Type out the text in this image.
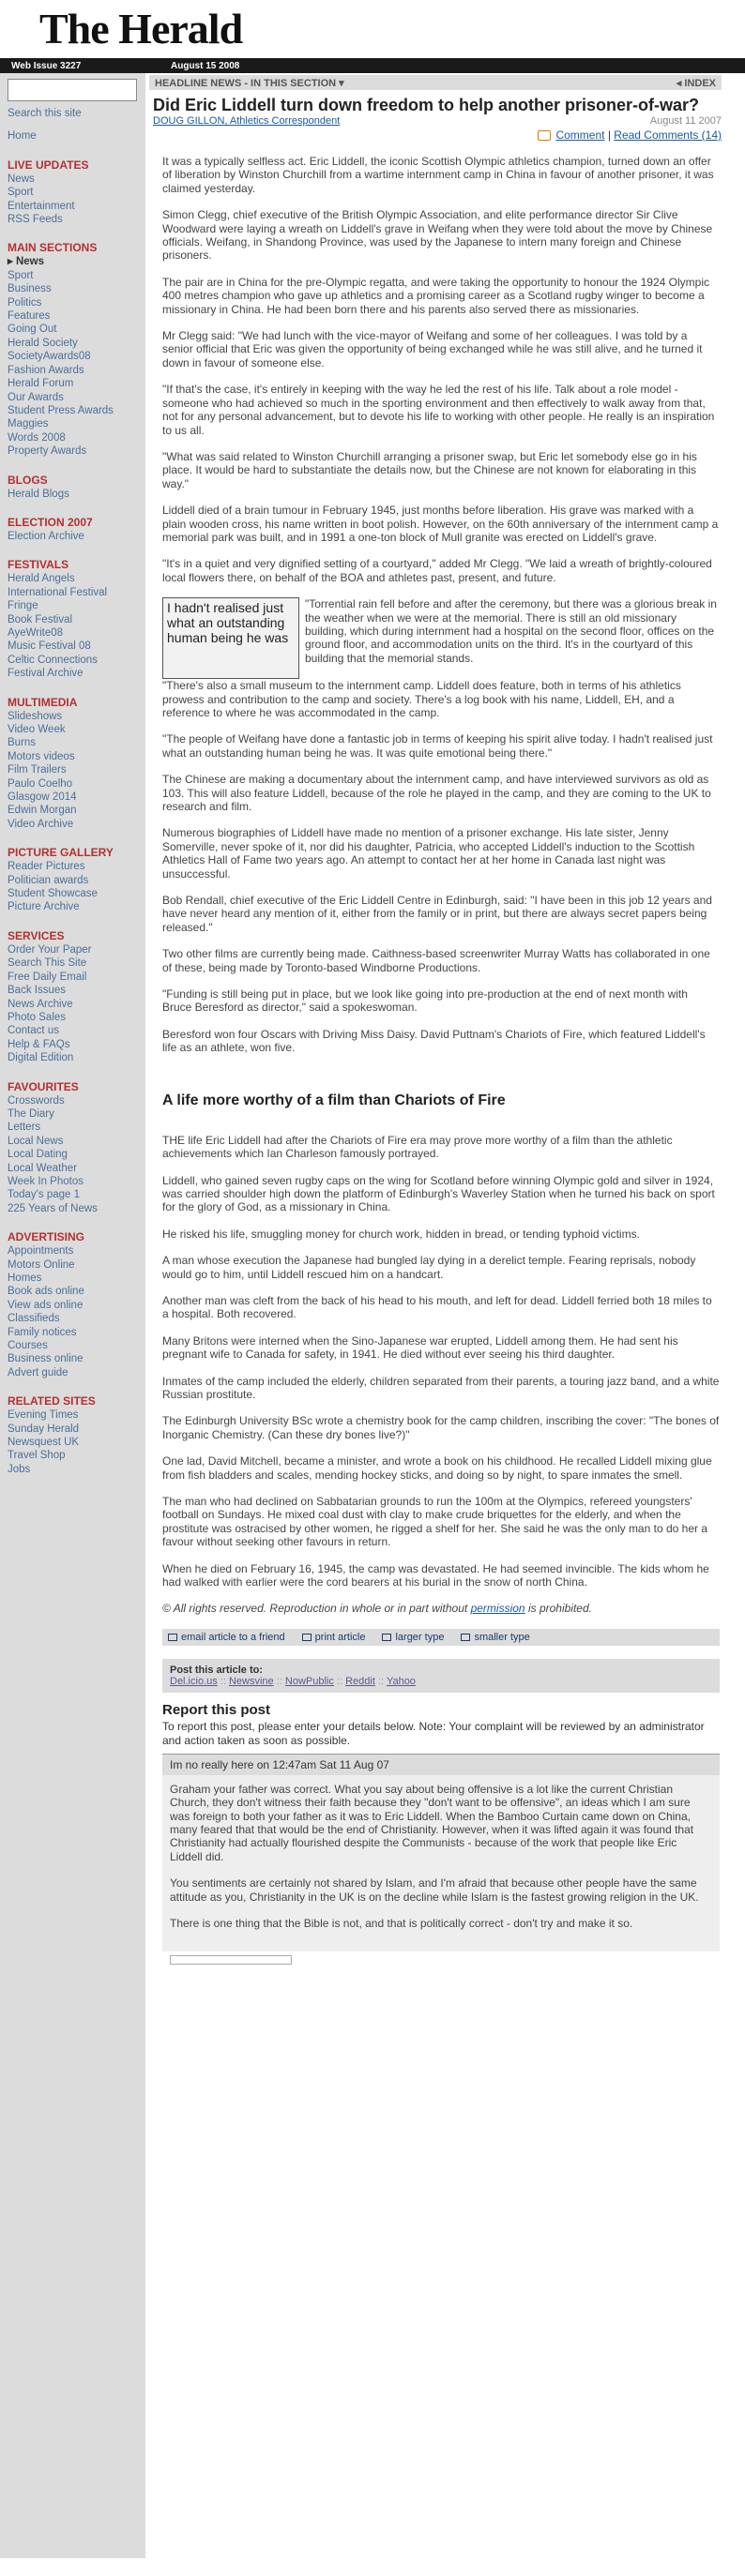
The Herald
Web Issue 3227	August 15 2008
Search this site
Home
LIVE UPDATES
News
Sport
Entertainment
RSS Feeds
MAIN SECTIONS
▸ News
Sport
Business
Politics
Features
Going Out
Herald Society
SocietyAwards08
Fashion Awards
Herald Forum
Our Awards
Student Press Awards
Maggies
Words 2008
Property Awards
BLOGS
Herald Blogs
ELECTION 2007
Election Archive
FESTIVALS
Herald Angels
International Festival
Fringe
Book Festival
AyeWrite08
Music Festival 08
Celtic Connections
Festival Archive
MULTIMEDIA
Slideshows
Video Week
Burns
Motors videos
Film Trailers
Paulo Coelho
Glasgow 2014
Edwin Morgan
Video Archive
PICTURE GALLERY
Reader Pictures
Politician awards
Student Showcase
Picture Archive
SERVICES
Order Your Paper
Search This Site
Free Daily Email
Back Issues
News Archive
Photo Sales
Contact us
Help & FAQs
Digital Edition
FAVOURITES
Crosswords
The Diary
Letters
Local News
Local Dating
Local Weather
Week In Photos
Today's page 1
225 Years of News
ADVERTISING
Appointments
Motors Online
Homes
Book ads online
View ads online
Classifieds
Family notices
Courses
Business online
Advert guide
RELATED SITES
Evening Times
Sunday Herald
Newsquest UK
Travel Shop
Jobs
HEADLINE NEWS - IN THIS SECTION ▾	◂ INDEX
Did Eric Liddell turn down freedom to help another prisoner-of-war?
DOUG GILLON, Athletics Correspondent	August 11 2007
Comment | Read Comments (14)

It was a typically selfless act. Eric Liddell, the iconic Scottish Olympic athletics champion, turned down an offer of liberation by Winston Churchill from a wartime internment camp in China in favour of another prisoner, it was claimed yesterday.

Simon Clegg, chief executive of the British Olympic Association, and elite performance director Sir Clive Woodward were laying a wreath on Liddell's grave in Weifang when they were told about the move by Chinese officials. Weifang, in Shandong Province, was used by the Japanese to intern many foreign and Chinese prisoners.

The pair are in China for the pre-Olympic regatta, and were taking the opportunity to honour the 1924 Olympic 400 metres champion who gave up athletics and a promising career as a Scotland rugby winger to become a missionary in China. He had been born there and his parents also served there as missionaries.

Mr Clegg said: "We had lunch with the vice-mayor of Weifang and some of her colleagues. I was told by a senior official that Eric was given the opportunity of being exchanged while he was still alive, and he turned it down in favour of someone else.

"If that's the case, it's entirely in keeping with the way he led the rest of his life. Talk about a role model - someone who had achieved so much in the sporting environment and then effectively to walk away from that, not for any personal advancement, but to devote his life to working with other people. He really is an inspiration to us all.

"What was said related to Winston Churchill arranging a prisoner swap, but Eric let somebody else go in his place. It would be hard to substantiate the details now, but the Chinese are not known for elaborating in this way."

Liddell died of a brain tumour in February 1945, just months before liberation. His grave was marked with a plain wooden cross, his name written in boot polish. However, on the 60th anniversary of the internment camp a memorial park was built, and in 1991 a one-ton block of Mull granite was erected on Liddell's grave.

"It's in a quiet and very dignified setting of a courtyard," added Mr Clegg. "We laid a wreath of brightly-coloured local flowers there, on behalf of the BOA and athletes past, present, and future.

I hadn't realised just what an outstanding human being he was

"Torrential rain fell before and after the ceremony, but there was a glorious break in the weather when we were at the memorial. There is still an old missionary building, which during internment had a hospital on the second floor, offices on the ground floor, and accommodation units on the third. It's in the courtyard of this building that the memorial stands.

"There's also a small museum to the internment camp. Liddell does feature, both in terms of his athletics prowess and contribution to the camp and society. There's a log book with his name, Liddell, EH, and a reference to where he was accommodated in the camp.

"The people of Weifang have done a fantastic job in terms of keeping his spirit alive today. I hadn't realised just what an outstanding human being he was. It was quite emotional being there."

The Chinese are making a documentary about the internment camp, and have interviewed survivors as old as 103. This will also feature Liddell, because of the role he played in the camp, and they are coming to the UK to research and film.

Numerous biographies of Liddell have made no mention of a prisoner exchange. His late sister, Jenny Somerville, never spoke of it, nor did his daughter, Patricia, who accepted Liddell's induction to the Scottish Athletics Hall of Fame two years ago. An attempt to contact her at her home in Canada last night was unsuccessful.

Bob Rendall, chief executive of the Eric Liddell Centre in Edinburgh, said: "I have been in this job 12 years and have never heard any mention of it, either from the family or in print, but there are always secret papers being released."

Two other films are currently being made. Caithness-based screenwriter Murray Watts has collaborated in one of these, being made by Toronto-based Windborne Productions.

"Funding is still being put in place, but we look like going into pre-production at the end of next month with Bruce Beresford as director," said a spokeswoman.

Beresford won four Oscars with Driving Miss Daisy. David Puttnam's Chariots of Fire, which featured Liddell's life as an athlete, won five.

A life more worthy of a film than Chariots of Fire

THE life Eric Liddell had after the Chariots of Fire era may prove more worthy of a film than the athletic achievements which Ian Charleson famously portrayed.

Liddell, who gained seven rugby caps on the wing for Scotland before winning Olympic gold and silver in 1924, was carried shoulder high down the platform of Edinburgh's Waverley Station when he turned his back on sport for the glory of God, as a missionary in China.

He risked his life, smuggling money for church work, hidden in bread, or tending typhoid victims.

A man whose execution the Japanese had bungled lay dying in a derelict temple. Fearing reprisals, nobody would go to him, until Liddell rescued him on a handcart.

Another man was cleft from the back of his head to his mouth, and left for dead. Liddell ferried both 18 miles to a hospital. Both recovered.

Many Britons were interned when the Sino-Japanese war erupted, Liddell among them. He had sent his pregnant wife to Canada for safety, in 1941. He died without ever seeing his third daughter.

Inmates of the camp included the elderly, children separated from their parents, a touring jazz band, and a white Russian prostitute.

The Edinburgh University BSc wrote a chemistry book for the camp children, inscribing the cover: "The bones of Inorganic Chemistry. (Can these dry bones live?)"

One lad, David Mitchell, became a minister, and wrote a book on his childhood. He recalled Liddell mixing glue from fish bladders and scales, mending hockey sticks, and doing so by night, to spare inmates the smell.

The man who had declined on Sabbatarian grounds to run the 100m at the Olympics, refereed youngsters' football on Sundays. He mixed coal dust with clay to make crude briquettes for the elderly, and when the prostitute was ostracised by other women, he rigged a shelf for her. She said he was the only man to do her a favour without seeking other favours in return.

When he died on February 16, 1945, the camp was devastated. He had seemed invincible. The kids whom he had walked with earlier were the cord bearers at his burial in the snow of north China.

© All rights reserved. Reproduction in whole or in part without permission is prohibited.

email article to a friend	print article	larger type	smaller type
Post this article to:
Del.icio.us :: Newsvine :: NowPublic :: Reddit :: Yahoo
Report this post
To report this post, please enter your details below. Note: Your complaint will be reviewed by an administrator and action taken as soon as possible.
Im no really here on 12:47am Sat 11 Aug 07

Graham your father was correct. What you say about being offensive is a lot like the current Christian Church, they don't witness their faith because they "don't want to be offensive", an ideas which I am sure was foreign to both your father as it was to Eric Liddell. When the Bamboo Curtain came down on China, many feared that that would be the end of Christianity. However, when it was lifted again it was found that Christianity had actually flourished despite the Communists - because of the work that people like Eric Liddell did.

You sentiments are certainly not shared by Islam, and I'm afraid that because other people have the same attitude as you, Christianity in the UK is on the decline while Islam is the fastest growing religion in the UK.

There is one thing that the Bible is not, and that is politically correct - don't try and make it so.
